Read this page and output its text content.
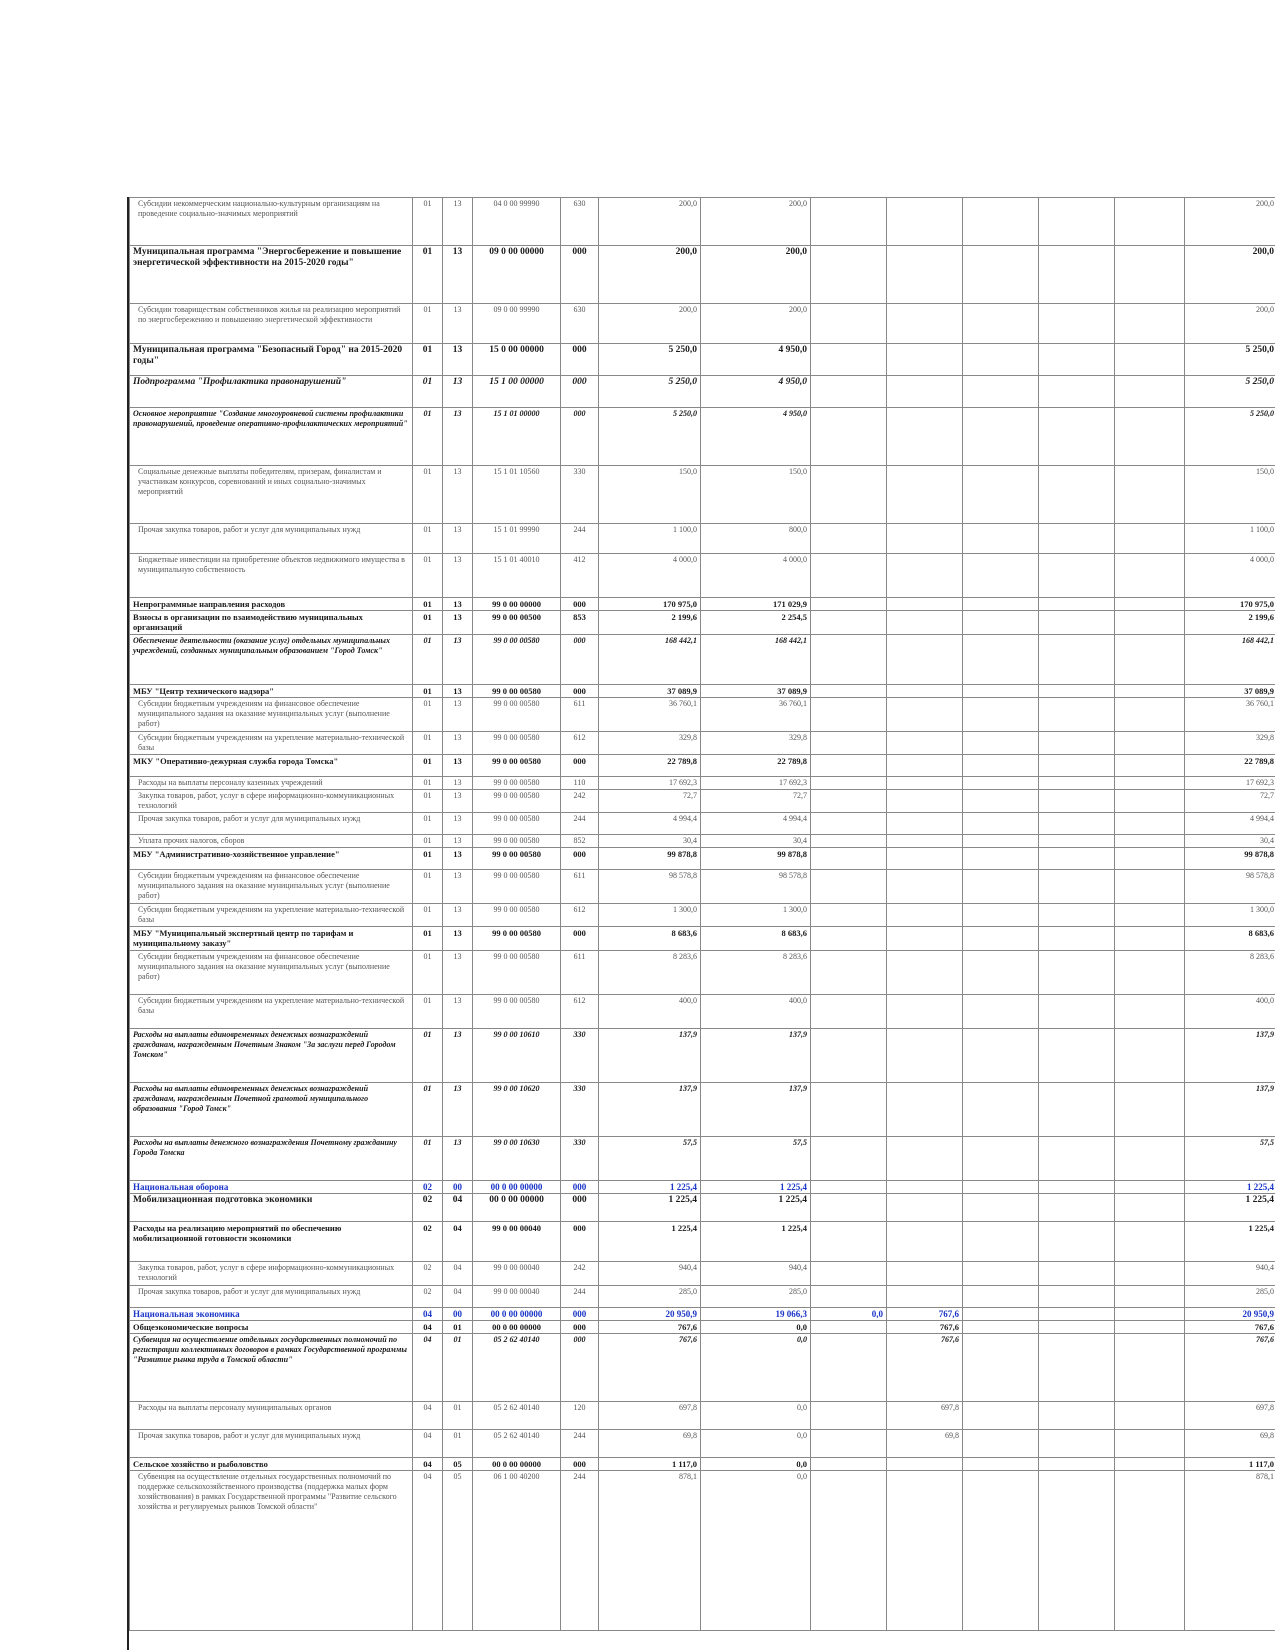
Субсидии некоммерческим национально-культурным организациям на проведение социально-значимых мероприятий	01	13	04 0 00 99990	630	200,0	200,0						200,0
Муниципальная программа "Энергосбережение и повышение энергетической эффективности на 2015-2020 годы"	01	13	09 0 00 00000	000	200,0	200,0						200,0
Субсидии товариществам собственников жилья на реализацию мероприятий по энергосбережению и повышению энергетической эффективности	01	13	09 0 00 99990	630	200,0	200,0						200,0
Муниципальная программа "Безопасный Город" на 2015-2020 годы"	01	13	15 0 00 00000	000	5 250,0	4 950,0						5 250,0
Подпрограмма "Профилактика правонарушений"	01	13	15 1 00 00000	000	5 250,0	4 950,0						5 250,0
Основное мероприятие "Создание многоуровневой системы профилактики правонарушений, проведение оперативно-профилактических мероприятий"	01	13	15 1 01 00000	000	5 250,0	4 950,0						5 250,0
Социальные денежные выплаты победителям, призерам, финалистам и участникам конкурсов, соревнований и иных социально-значимых мероприятий	01	13	15 1 01 10560	330	150,0	150,0						150,0
Прочая закупка товаров, работ и услуг для муниципальных нужд	01	13	15 1 01 99990	244	1 100,0	800,0						1 100,0
Бюджетные инвестиции на приобретение объектов недвижимого имущества в муниципальную собственность	01	13	15 1 01 40010	412	4 000,0	4 000,0						4 000,0
Непрограммные направления расходов	01	13	99 0 00 00000	000	170 975,0	171 029,9						170 975,0
Взносы в организации по взаимодействию муниципальных организаций	01	13	99 0 00 00500	853	2 199,6	2 254,5						2 199,6
Обеспечение деятельности (оказание услуг) отдельных муниципальных учреждений, созданных муниципальным образованием "Город Томск"	01	13	99 0 00 00580	000	168 442,1	168 442,1						168 442,1
МБУ "Центр технического надзора"	01	13	99 0 00 00580	000	37 089,9	37 089,9						37 089,9
Субсидии бюджетным учреждениям на финансовое обеспечение муниципального задания на оказание муниципальных услуг (выполнение работ)	01	13	99 0 00 00580	611	36 760,1	36 760,1						36 760,1
Субсидии бюджетным учреждениям на укрепление материально-технической базы	01	13	99 0 00 00580	612	329,8	329,8						329,8
МКУ "Оперативно-дежурная служба города Томска"	01	13	99 0 00 00580	000	22 789,8	22 789,8						22 789,8
Расходы на выплаты персоналу казенных учреждений	01	13	99 0 00 00580	110	17 692,3	17 692,3						17 692,3
Закупка товаров, работ, услуг в сфере информационно-коммуникационных технологий	01	13	99 0 00 00580	242	72,7	72,7						72,7
Прочая закупка товаров, работ и услуг для муниципальных нужд	01	13	99 0 00 00580	244	4 994,4	4 994,4						4 994,4
Уплата прочих налогов, сборов	01	13	99 0 00 00580	852	30,4	30,4						30,4
МБУ "Административно-хозяйственное управление"	01	13	99 0 00 00580	000	99 878,8	99 878,8						99 878,8
Субсидии бюджетным учреждениям на финансовое обеспечение муниципального задания на оказание муниципальных услуг (выполнение работ)	01	13	99 0 00 00580	611	98 578,8	98 578,8						98 578,8
Субсидии бюджетным учреждениям на укрепление материально-технической базы	01	13	99 0 00 00580	612	1 300,0	1 300,0						1 300,0
МБУ "Муниципальный экспертный центр по тарифам и муниципальному заказу"	01	13	99 0 00 00580	000	8 683,6	8 683,6						8 683,6
Субсидии бюджетным учреждениям на финансовое обеспечение муниципального задания на оказание муниципальных услуг (выполнение работ)	01	13	99 0 00 00580	611	8 283,6	8 283,6						8 283,6
Субсидии бюджетным учреждениям на укрепление материально-технической базы	01	13	99 0 00 00580	612	400,0	400,0						400,0
Расходы на выплаты единовременных денежных вознаграждений гражданам, награжденным Почетным Знаком "За заслуги перед Городом Томском"	01	13	99 0 00 10610	330	137,9	137,9						137,9
Расходы на выплаты единовременных денежных вознаграждений гражданам, награжденным Почетной грамотой муниципального образования "Город Томск"	01	13	99 0 00 10620	330	137,9	137,9						137,9
Расходы на выплаты денежного вознаграждения Почетному гражданину Города Томска	01	13	99 0 00 10630	330	57,5	57,5						57,5
Национальная оборона	02	00	00 0 00 00000	000	1 225,4	1 225,4						1 225,4
Мобилизационная подготовка экономики	02	04	00 0 00 00000	000	1 225,4	1 225,4						1 225,4
Расходы на реализацию мероприятий по обеспечению мобилизационной готовности экономики	02	04	99 0 00 00040	000	1 225,4	1 225,4						1 225,4
Закупка товаров, работ, услуг в сфере информационно-коммуникационных технологий	02	04	99 0 00 00040	242	940,4	940,4						940,4
Прочая закупка товаров, работ и услуг для муниципальных нужд	02	04	99 0 00 00040	244	285,0	285,0						285,0
Национальная экономика	04	00	00 0 00 00000	000	20 950,9	19 066,3	0,0	767,6				20 950,9
Общеэкономические вопросы	04	01	00 0 00 00000	000	767,6	0,0		767,6				767,6
Субвенция на осуществление отдельных государственных полномочий по регистрации коллективных договоров в рамках Государственной программы "Развитие рынка труда в Томской области"	04	01	05 2 62 40140	000	767,6	0,0		767,6				767,6
Расходы на выплаты персоналу муниципальных органов	04	01	05 2 62 40140	120	697,8	0,0		697,8				697,8
Прочая закупка товаров, работ и услуг для муниципальных нужд	04	01	05 2 62 40140	244	69,8	0,0		69,8				69,8
Сельское хозяйство и рыболовство	04	05	00 0 00 00000	000	1 117,0	0,0						1 117,0
Субвенция на осуществление отдельных государственных полномочий по поддержке сельскохозяйственного производства (поддержка малых форм хозяйствования) в рамках Государственной программы "Развитие сельского хозяйства и регулируемых рынков Томской области"	04	05	06 1 00 40200	244	878,1	0,0						878,1
